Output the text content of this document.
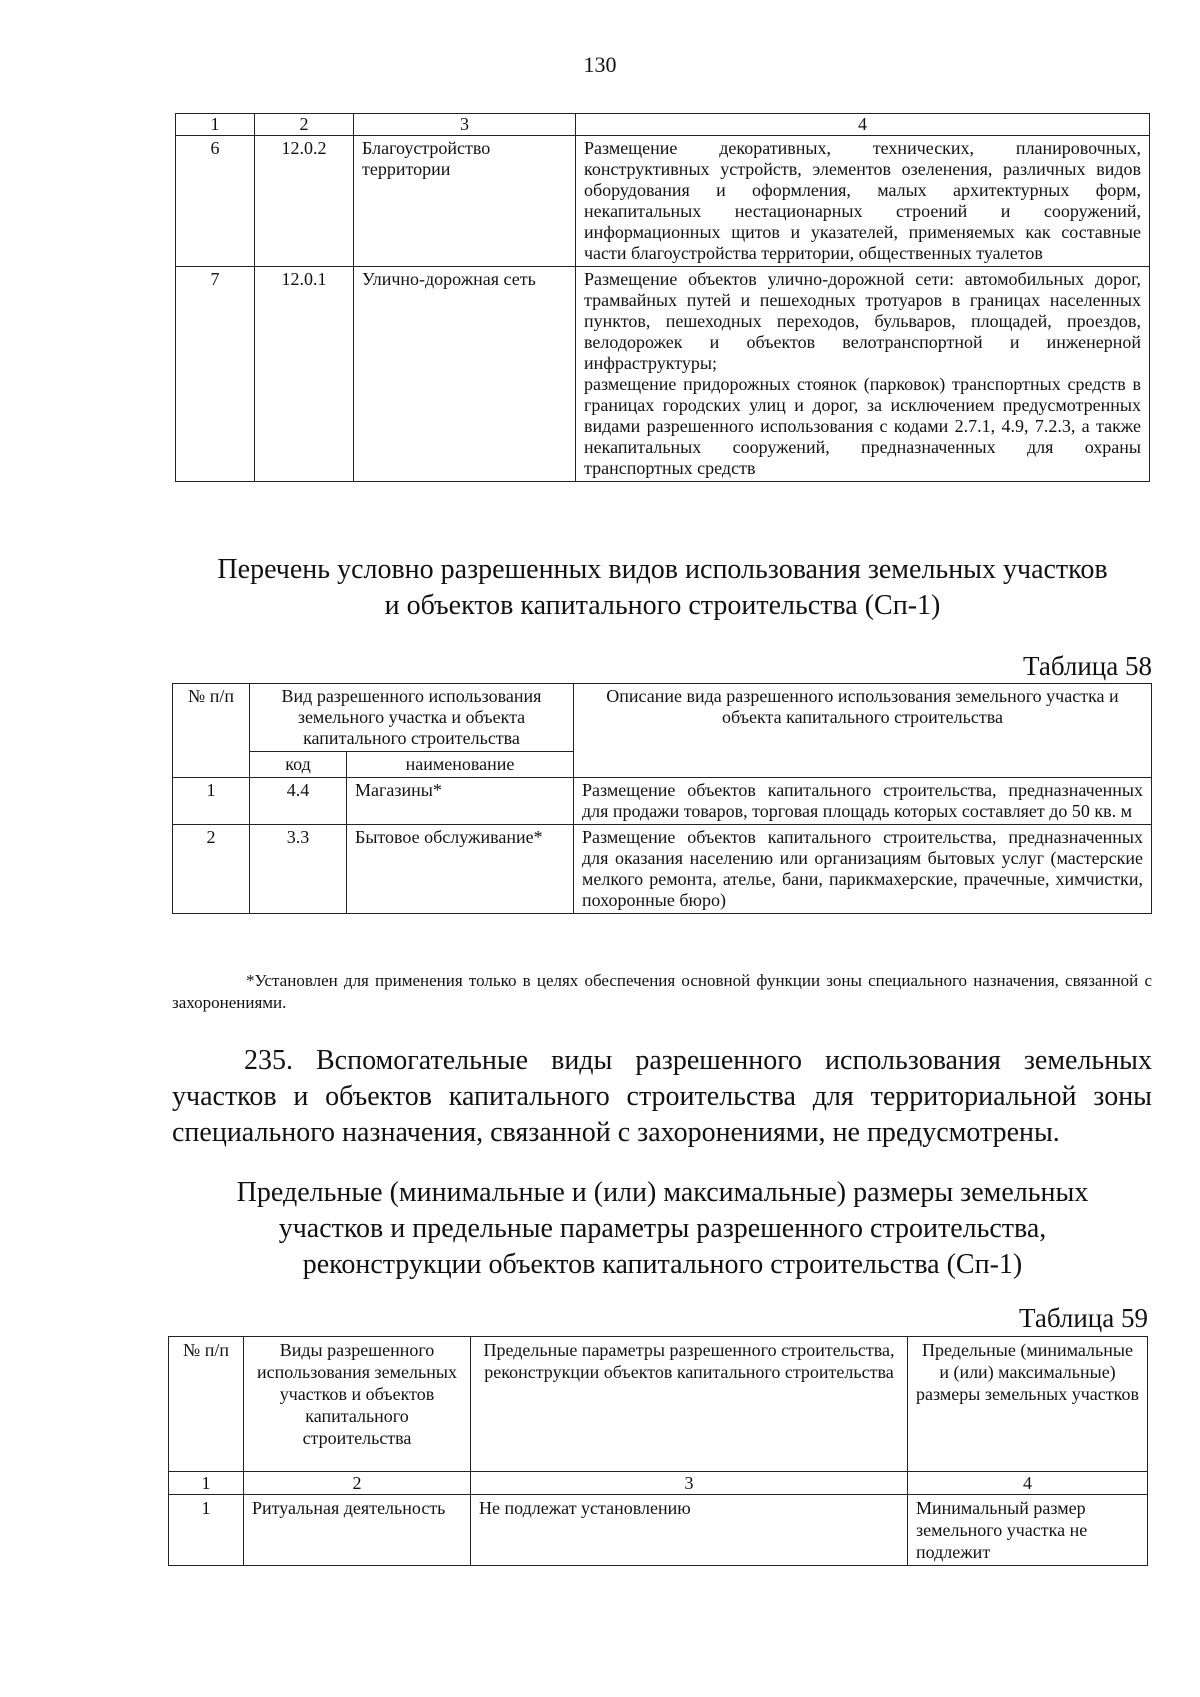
130
1	2	3	4
6	12.0.2	Благоустройство территории	Размещение декоративных, технических, планировочных, конструктивных устройств, элементов озеленения, различных видов оборудования и оформления, малых архитектурных форм, некапитальных нестационарных строений и сооружений, информационных щитов и указателей, применяемых как составные части благоустройства территории, общественных туалетов
7	12.0.1	Улично-дорожная сеть	Размещение объектов улично-дорожной сети: автомобильных дорог, трамвайных путей и пешеходных тротуаров в границах населенных пунктов, пешеходных переходов, бульваров, площадей, проездов, велодорожек и объектов велотранспортной и инженерной инфраструктуры;
размещение придорожных стоянок (парковок) транспортных средств в границах городских улиц и дорог, за исключением предусмотренных видами разрешенного использования с кодами 2.7.1, 4.9, 7.2.3, а также некапитальных сооружений, предназначенных для охраны транспортных средств
Перечень условно разрешенных видов использования земельных участков
и объектов капитального строительства (Сп-1)
Таблица 58
№ п/п	Вид разрешенного использования земельного участка и объекта капитального строительства		Описание вида разрешенного использования земельного участка и объекта капитального строительства
	код	наименование	
1	4.4	Магазины*	Размещение объектов капитального строительства, предназначенных для продажи товаров, торговая площадь которых составляет до 50 кв. м
2	3.3	Бытовое обслуживание*	Размещение объектов капитального строительства, предназначенных для оказания населению или организациям бытовых услуг (мастерские мелкого ремонта, ателье, бани, парикмахерские, прачечные, химчистки, похоронные бюро)
*Установлен для применения только в целях обеспечения основной функции зоны специального назначения, связанной с захоронениями.
235. Вспомогательные виды разрешенного использования земельных участков и объектов капитального строительства для территориальной зоны специального назначения, связанной с захоронениями, не предусмотрены.
Предельные (минимальные и (или) максимальные) размеры земельных
участков и предельные параметры разрешенного строительства,
реконструкции объектов капитального строительства (Сп-1)
Таблица 59
№ п/п	Виды разрешенного использования земельных участков и объектов капитального строительства	Предельные параметры разрешенного строительства, реконструкции объектов капитального строительства	Предельные (минимальные и (или) максимальные) размеры земельных участков
1	2	3	4
1	Ритуальная деятельность	Не подлежат установлению	Минимальный размер земельного участка не подлежит
